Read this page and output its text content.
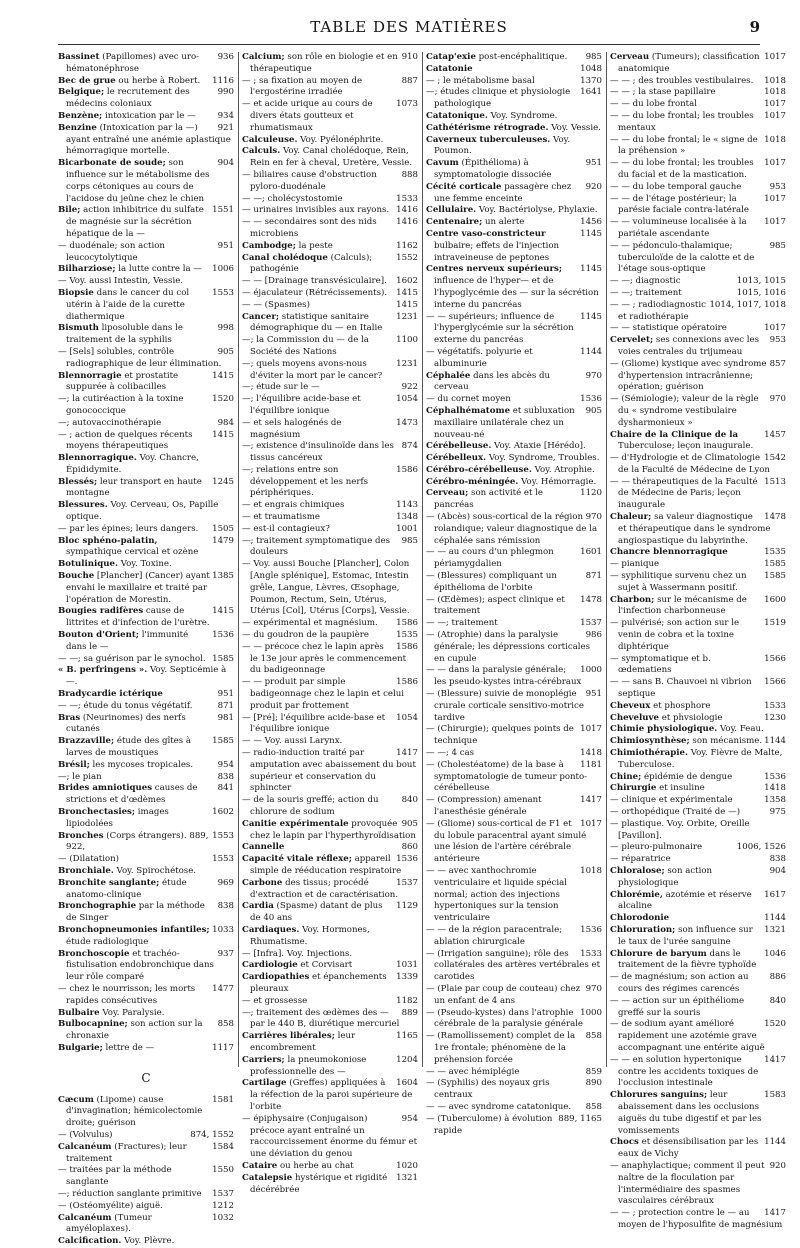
TABLE DES MATIÈRES	9
936
Bassinet (Papillomes) avec uro-hématonéphrose
1116
Bec de grue ou herbe à Robert.
990
Belgique; le recrutement des médecins coloniaux
934
Benzène; intoxication par le —
921
Benzine (Intoxication par la —) ayant entraîné une anémie aplastique hémorragique mortelle.
904
Bicarbonate de soude; son influence sur le métabolisme des corps cétoniques au cours de l'acidose du jeûne chez le chien
1551
Bile; action inhibitrice du sulfate de magnésie sur la sécrétion hépatique de la —
951
— duodénale; son action leucocytolytique
1006
Bilharziose; la lutte contre la —
— Voy. aussi Intestin, Vessie.
1553
Biopsie dans le cancer du col utérin à l'aide de la curette diathermique
998
Bismuth liposoluble dans le traitement de la syphilis
905
— [Sels] solubles, contrôle radiographique de leur élimination.
1415
Blennorragie et prostatite suppurée à colibacilles
1520
—; la cutiréaction à la toxine gonococcique
984
—; autovaccinothérapie
1415
— ; action de quelques récents moyens thérapeutiques
Blennorragique. Voy. Chancre, Épididymite.
1245
Blessés; leur transport en haute montagne
Blessures. Voy. Cerveau, Os, Papille optique.
1505
— par les épines; leurs dangers.
1479
Bloc sphéno-palatin, sympathique cervical et ozène
Botulinique. Voy. Toxine.
1385
Bouche [Plancher] (Cancer) ayant envahi le maxillaire et traité par l'opération de Morestin.
1415
Bougies radifères cause de littrites et d'infection de l'urètre.
1536
Bouton d'Orient; l'immunité dans le —
1585
— —; sa guérison par le synochol.
« B. perfringens ». Voy. Septicémie à —.
951
Bradycardie ictérique
871
— —; étude du tonus végétatif.
981
Bras (Neurinomes) des nerfs cutanés
1585
Brazzaville; étude des gîtes à larves de moustiques
954
Brésil; les mycoses tropicales.
838
—; le pian
841
Brides amniotiques causes de strictions et d'œdèmes
1602
Bronchectasies; images lipiodolées
1553
Bronches (Corps étrangers). 889, 922,
1553
— (Dilatation)
Bronchiale. Voy. Spirochétose.
969
Bronchite sanglante; étude anatomo-clinique
838
Bronchographie par la méthode de Singer
1033
Bronchopneumonies infantiles; étude radiologique
937
Bronchoscopie et trachéo-fistulisation endobronchique dans leur rôle comparé
1477
— chez le nourrisson; les morts rapides consécutives
Bulbaire Voy. Paralysie.
858
Bulbocapnine; son action sur la chronaxie
1117
Bulgarie; lettre de —
C
1581
Cæcum (Lipome) cause d'invagination; hémicolectomie droite; guérison
874, 1552
— (Volvulus)
1584
Calcanéum (Fractures); leur traitement
1550
— traitées par la méthode sanglante
1537
—; réduction sanglante primitive
1212
— (Ostéomyélite) aiguë.
1032
Calcanéum (Tumeur amyéloplaxes).
Calcification. Voy. Plèvre.
910
Calcium; son rôle en biologie et en thérapeutique
887
— ; sa fixation au moyen de l'ergostérine irradiée
1073
— et acide urique au cours de divers états goutteux et rhumatismaux
Calculeuse. Voy. Pyélonéphrite.
Calculs. Voy. Canal cholédoque, Rein, Rein en fer à cheval, Uretère, Vessie.
888
— biliaires cause d'obstruction pyloro-duodénale
1533
— —; cholécystostomie
1416
— urinaires invisibles aux rayons.
1416
— — secondaires sont des nids microbiens
1162
Cambodge; la peste
1552
Canal cholédoque (Calculs); pathogénie
1602
— — [Drainage transvésiculaire].
1415
— éjaculateur (Rétrécissements).
1415
— — (Spasmes)
1231
Cancer; statistique sanitaire démographique du — en Italie
1100
—; la Commission du — de la Société des Nations
1231
—; quels moyens avons-nous d'éviter la mort par le cancer?
922
—; étude sur le —
1054
—; l'équilibre acide-base et l'équilibre ionique
1473
— et sels halogénés de magnésium
874
—; existence d'insulinoïde dans les tissus cancéreux
1586
—; relations entre son développement et les nerfs périphériques.
1143
— et engrais chimiques
1348
— et traumatisme
1001
— est-il contagieux?
985
—; traitement symptomatique des douleurs
— Voy. aussi Bouche [Plancher], Colon [Angle splénique], Estomac, Intestin grêle, Langue, Lèvres, Œsophage, Poumon, Rectum, Sein, Utérus, Utérus [Col], Utérus [Corps], Vessie.
1586
— expérimental et magnésium.
1535
— du goudron de la paupière
1586
— — précoce chez le lapin après le 13e jour après le commencement du badigeonnage
1586
— — produit par simple badigeonnage chez le lapin et celui produit par frottement
1054
— [Pré]; l'équilibre acide-base et l'équilibre ionique
— — Voy. aussi Larynx.
1417
— radio-induction traité par amputation avec abaissement du bout supérieur et conservation du sphincter
840
— de la souris greffé; action du chlorure de sodium
905
Canitie expérimentale provoquée chez le lapin par l'hyperthyroïdisation
860
Cannelle
1536
Capacité vitale réflexe; appareil simple de rééducation respiratoire
1537
Carbone des tissus; procédé d'extraction et de caractérisation.
1129
Cardia (Spasme) datant de plus de 40 ans
Cardiaques. Voy. Hormones, Rhumatisme.
— [Infra]. Voy. Injections.
1031
Cardiologie et Corvisart
1339
Cardiopathies et épanchements pleuraux
1182
— et grossesse
889
—; traitement des œdèmes des — par le 440 B, diurétique mercuriel
1165
Carrières libérales; leur encombrement
1204
Carriers; la pneumokoniose professionnelle des —
1604
Cartilage (Greffes) appliquées à la réfection de la paroi supérieure de l'orbite
954
— épiphysaire (Conjugaison) précoce ayant entraîné un raccourcissement énorme du fémur et une déviation du genou
1020
Cataire ou herbe au chat
1321
Catalepsie hystérique et rigidité décérébrée
985
Catap'exie post-encéphalitique.
1048
Catatonie
1370
— ; le métabolisme basal
1641
—; études clinique et physiologie pathologique
Catatonique. Voy. Syndrome.
Cathétérisme rétrograde. Voy. Vessie.
Caverneux tuberculeuses. Voy. Poumon.
951
Cavum (Épithélioma) à symptomatologie dissociée
920
Cécité corticale passagère chez une femme enceinte
Cellulaire. Voy. Bactériolyse, Phylaxie.
1456
Centenaire; un alerte
1145
Centre vaso-constricteur bulbaire; effets de l'injection intraveineuse de peptones
1145
Centres nerveux supérieurs; influence de l'hyper— et de l'hypoglycémie des — sur la sécrétion interne du pancréas
1145
— — supérieurs; influence de l'hyperglycémie sur la sécrétion externe du pancréas
1144
— végétatifs. polyurie et albuminurie
970
Céphalée dans les abcès du cerveau
1536
— du cornet moyen
905
Céphalhématome et subluxation maxillaire unilatérale chez un nouveau-né
Cérébelleuse. Voy. Ataxie [Hérédo].
Cérébelleux. Voy. Syndrome, Troubles.
Cérébro-cérébelleuse. Voy. Atrophie.
Cérébro-méningée. Voy. Hémorragie.
1120
Cerveau; son activité et le pancréas
970
— (Abcès) sous-cortical de la région rolandique; valeur diagnostique de la céphalée sans rémission
1601
— — au cours d'un phlegmon périamygdalien
871
— (Blessures) compliquant un épithélioma de l'orbite
1478
— (Œdèmes); aspect clinique et traitement
1537
— —; traitement
986
— (Atrophie) dans la paralysie générale; les dépressions corticales en cupule
1000
— — dans la paralysie générale; les pseudo-kystes intra-cérébraux
951
— (Blessure) suivie de monoplégie crurale corticale sensitivo-motrice tardive
1017
— (Chirurgie); quelques points de technique
1418
— —; 4 cas
1181
— (Cholestéatome) de la base à symptomatologie de tumeur ponto-cérébelleuse
1417
— (Compression) amenant l'anesthésie générale
1017
— (Gliome) sous-cortical de F1 et du lobule paracentral ayant simulé une lésion de l'artère cérébrale antérieure
1018
— — avec xanthochromie ventriculaire et liquide spécial normal; action des injections hypertoniques sur la tension ventriculaire
1536
— — de la région paracentrale; ablation chirurgicale
1533
— (Irrigation sanguine); rôle des collatérales des artères vertébrales et carotides
970
— (Plaie par coup de couteau) chez un enfant de 4 ans
1000
— (Pseudo-kystes) dans l'atrophie cérébrale de la paralysie générale
858
— (Ramollissement) complet de la 1re frontale; phénomène de la préhension forcée
859
— — avec hémiplégie
890
— (Syphilis) des noyaux gris centraux
858
— — avec syndrome catatonique.
889, 1165
— (Tuberculome) à évolution rapide
1017
Cerveau (Tumeurs); classification anatomique
1018
— — ; des troubles vestibulaires.
1018
— — ; la stase papillaire
1017
— — du lobe frontal
1017
— — du lobe frontal; les troubles mentaux
1018
— — du lobe frontal; le « signe de la préhension »
1017
— — du lobe frontal; les troubles du facial et de la mastication.
953
— — du lobe temporal gauche
1017
— — de l'étage postérieur; la parésie faciale contra-latérale
1017
— — volumineuse localisée à la pariétale ascendante
985
— — pédonculo-thalamique; tuberculoïde de la calotte et de l'étage sous-optique
1013, 1015
— —; diagnostic
1015, 1016
— —; traitement
1014, 1017, 1018
— — ; radiodiagnostic et radiothérapie
1017
— — statistique opératoire
953
Cervelet; ses connexions avec les voies centrales du trijumeau
857
— (Gliome) kystique avec syndrome d'hypertension intracrânienne; opération; guérison
970
— (Sémiologie); valeur de la règle du « syndrome vestibulaire dysharmonieux »
1457
Chaire de la Clinique de la Tuberculose; leçon inaugurale.
1542
— d'Hydrologie et de Climatologie de la Faculté de Médecine de Lyon
1513
— — thérapeutiques de la Faculté de Médecine de Paris; leçon inaugurale
1478
Chaleur; sa valeur diagnostique et thérapeutique dans le syndrome angiospastique du labyrinthe.
1535
Chancre blennorragique
1585
— pianique
1585
— syphilitique survenu chez un sujet à Wassermann positif.
1600
Charbon; sur le mécanisme de l'infection charbonneuse
1519
— pulvérisé; son action sur le venin de cobra et la toxine diphtérique
1566
— symptomatique et b. œdematiens
1566
— — sans B. Chauvoei ni vibrion septique
1533
Cheveux et phosphore
1230
Cheveluve et phvsiologie
Chimie physiologique. Voy. Feau.
1144
Chimiosynthèse; son mécanisme.
Chimiothérapie. Voy. Fièvre de Malte, Tuberculose.
1536
Chine; épidémie de dengue
1418
Chirurgie et insuline
1358
— clinique et expérimentale
975
— orthopédique (Traité de —)
— plastique. Voy. Orbite, Oreille [Pavillon].
1006, 1526
— pleuro-pulmonaire
838
— réparatrice
904
Chloralose; son action physiologique
1617
Chlorémie, azotémie et réserve alcaline
1144
Chlorodonie
1321
Chloruration; son influence sur le taux de l'urée sanguine
1046
Chlorure de baryum dans le traitement de la fièvre typhoïde
886
— de magnésium; son action au cours des régimes carencés
840
— — action sur un épithéliome greffé sur la souris
1520
— de sodium ayant amélioré rapidement une azotémie grave accompagnant une entérite aiguë
1417
— — en solution hypertonique contre les accidents toxiques de l'occlusion intestinale
1583
Chlorures sanguins; leur abaissement dans les occlusions aiguës du tube digestif et par les vomissements
1144
Chocs et désensibilisation par les eaux de Vichy
920
— anaphylactique; comment il peut naître de la floculation par l'intermédiaire des spasmes vasculaires cérébraux
1417
— — ; protection contre le — au moyen de l'hyposulfite de magnésium
